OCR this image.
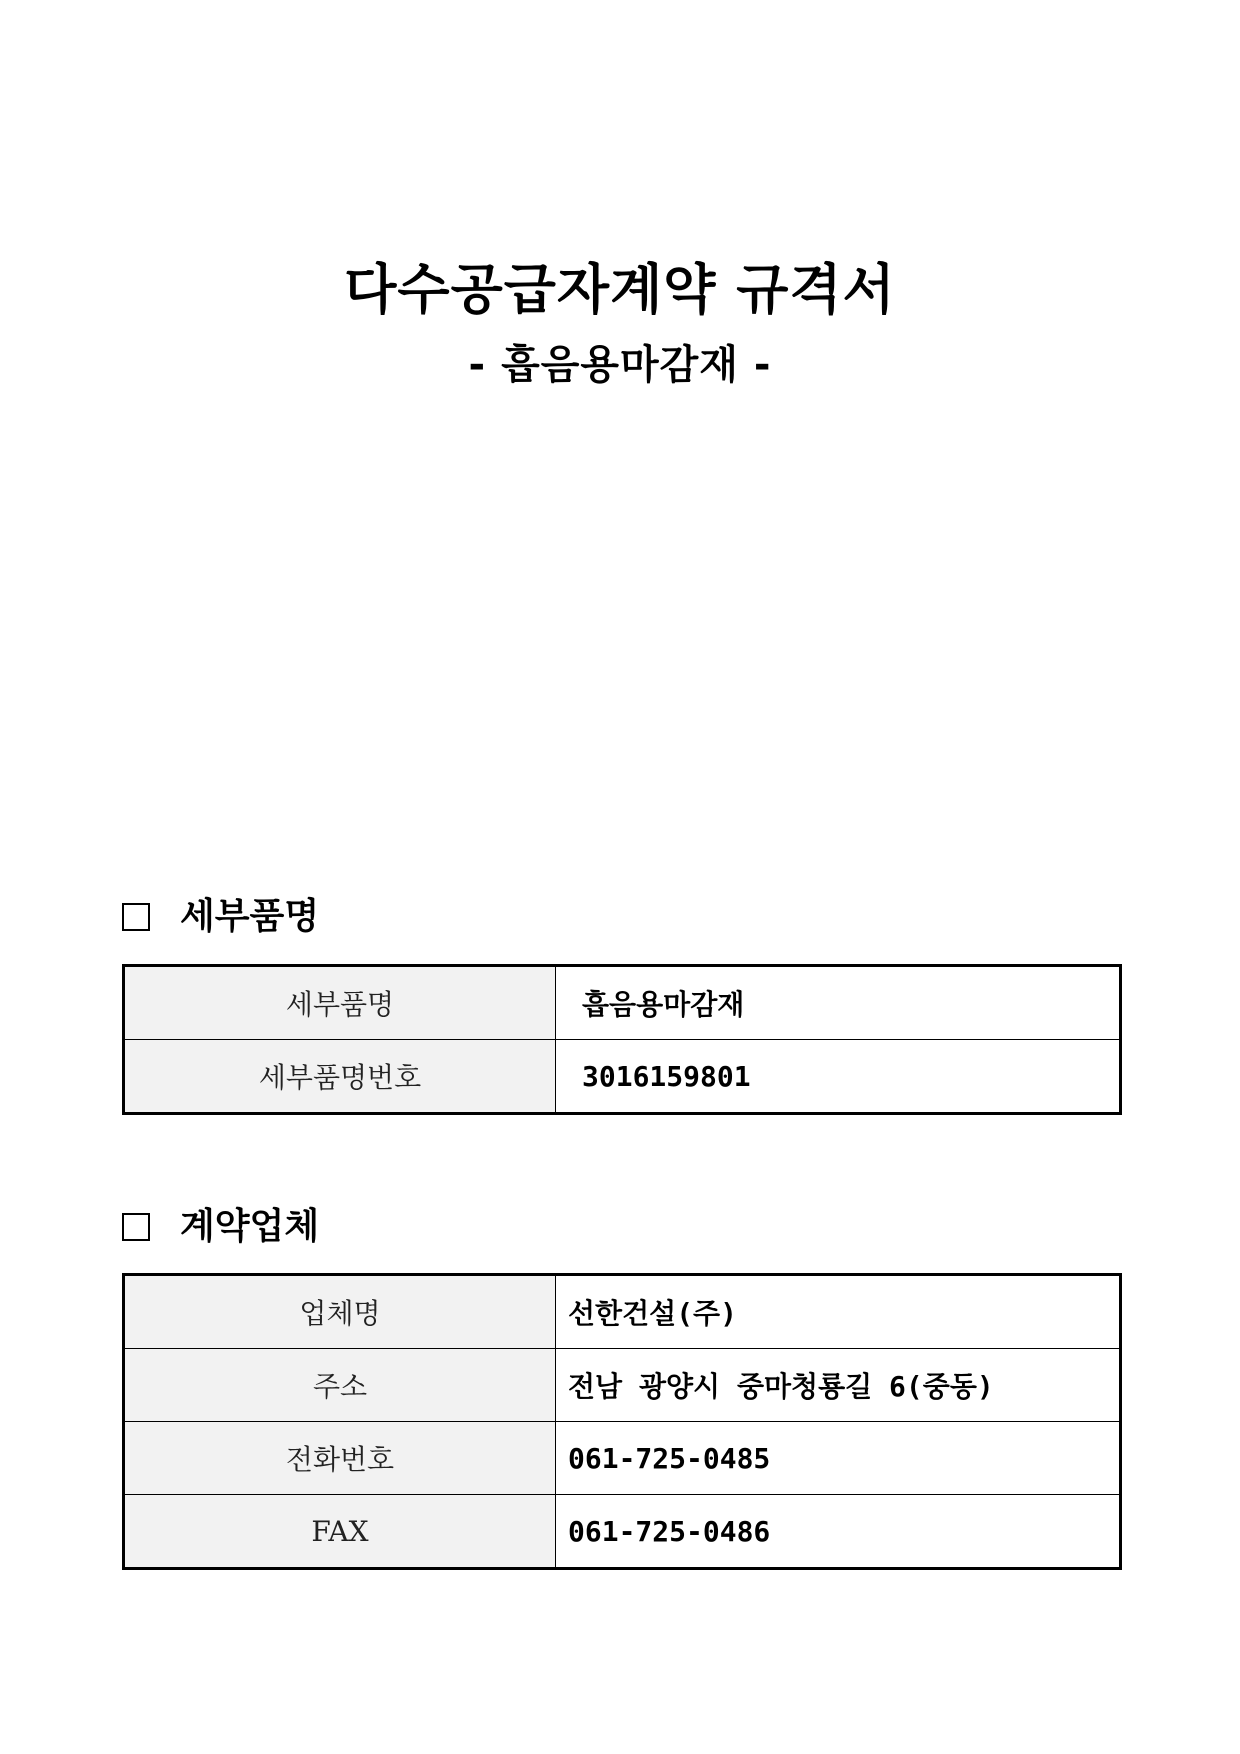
다수공급자계약 규격서
- 흡음용마감재 -
세부품명
세부품명	흡음용마감재
세부품명번호	3016159801
계약업체
업체명	선한건설(주)
주소	전남 광양시 중마청룡길 6(중동)
전화번호	061-725-0485
FAX	061-725-0486
